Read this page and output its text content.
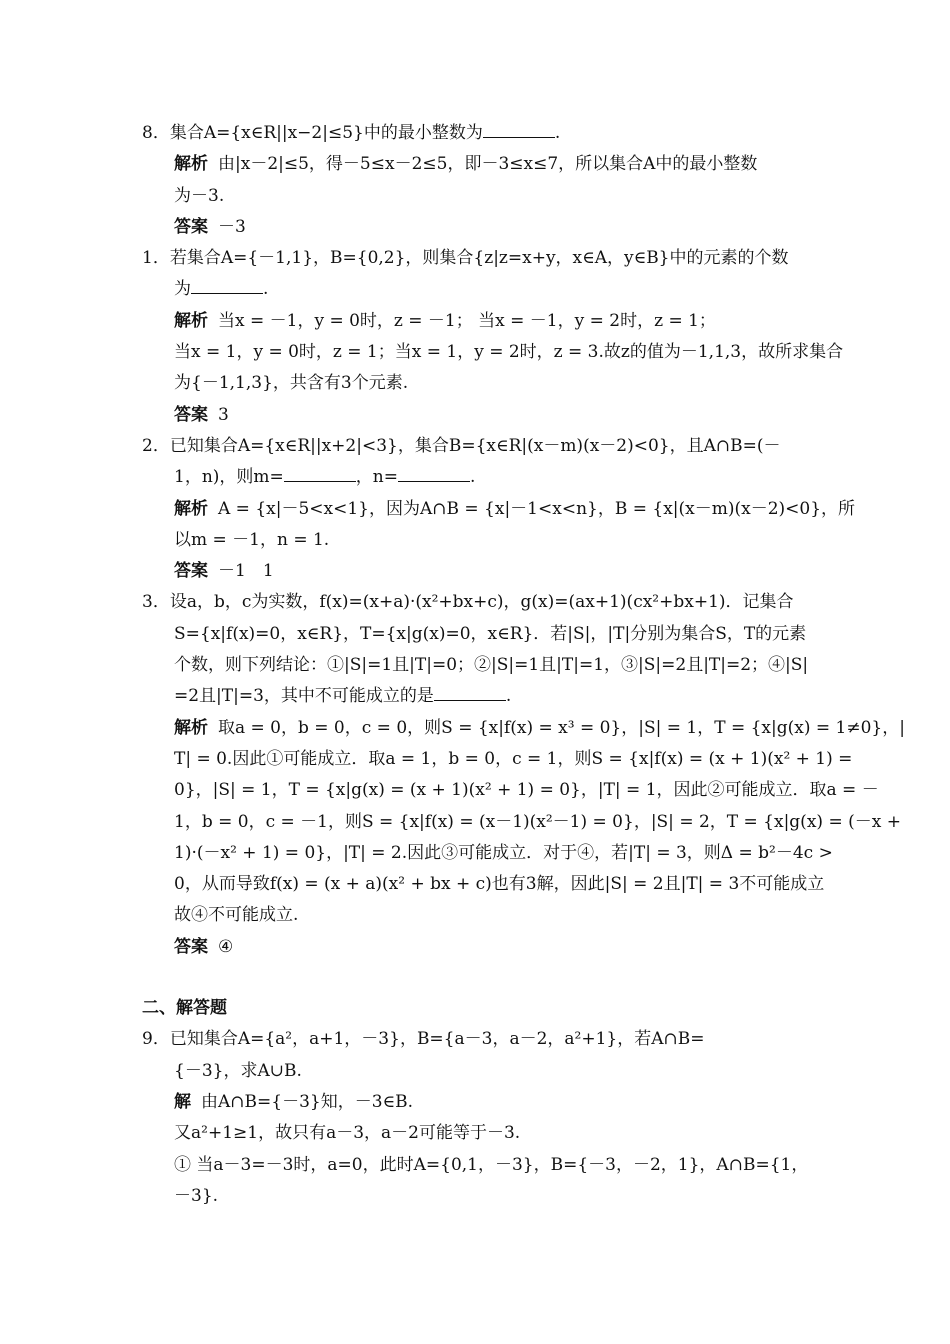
8．集合A={x∈R||x−2|≤5}中的最小整数为	.
解析 由|x－2|≤5，得－5≤x－2≤5，即－3≤x≤7，所以集合A中的最小整数
为－3.
答案 －3
1．若集合A={－1,1}，B={0,2}，则集合{z|z=x+y，x∈A，y∈B}中的元素的个数
为	.
解析 当x = －1，y = 0时，z = －1； 当x = －1，y = 2时，z = 1；
当x = 1，y = 0时，z = 1；当x = 1，y = 2时，z = 3.故z的值为－1,1,3，故所求集合
为{－1,1,3}，共含有3个元素.
答案 3
2．已知集合A={x∈R||x+2|<3}，集合B={x∈R|(x－m)(x－2)<0}，且A∩B=(－
1，n)，则m=	，n=	.
解析 A = {x|－5<x<1}，因为A∩B = {x|－1<x<n}，B = {x|(x－m)(x－2)<0}，所
以m = －1，n = 1.
答案 －1　1
3．设a，b，c为实数，f(x)=(x+a)·(x²+bx+c)，g(x)=(ax+1)(cx²+bx+1)．记集合
S={x|f(x)=0，x∈R}，T={x|g(x)=0，x∈R}．若|S|，|T|分别为集合S，T的元素
个数，则下列结论：①|S|=1且|T|=0；②|S|=1且|T|=1，③|S|=2且|T|=2；④|S|
=2且|T|=3，其中不可能成立的是	.
解析 取a = 0，b = 0，c = 0，则S = {x|f(x) = x³ = 0}，|S| = 1，T = {x|g(x) = 1≠0}，|
T| = 0.因此①可能成立．取a = 1，b = 0，c = 1，则S = {x|f(x) = (x + 1)(x² + 1) =
0}，|S| = 1，T = {x|g(x) = (x + 1)(x² + 1) = 0}，|T| = 1，因此②可能成立．取a = －
1，b = 0，c = －1，则S = {x|f(x) = (x－1)(x²－1) = 0}，|S| = 2，T = {x|g(x) = (－x +
1)·(－x² + 1) = 0}，|T| = 2.因此③可能成立．对于④，若|T| = 3，则Δ = b²－4c >
0，从而导致f(x) = (x + a)(x² + bx + c)也有3解，因此|S| = 2且|T| = 3不可能成立
故④不可能成立.
答案 ④
二、解答题
9．已知集合A={a²，a+1，－3}，B={a－3，a－2，a²+1}，若A∩B=
{－3}，求A∪B.
解 由A∩B={－3}知，－3∈B.
又a²+1≥1，故只有a－3，a－2可能等于－3.
① 当a－3=－3时，a=0，此时A={0,1，－3}，B={－3，－2，1}，A∩B={1，
－3}.
